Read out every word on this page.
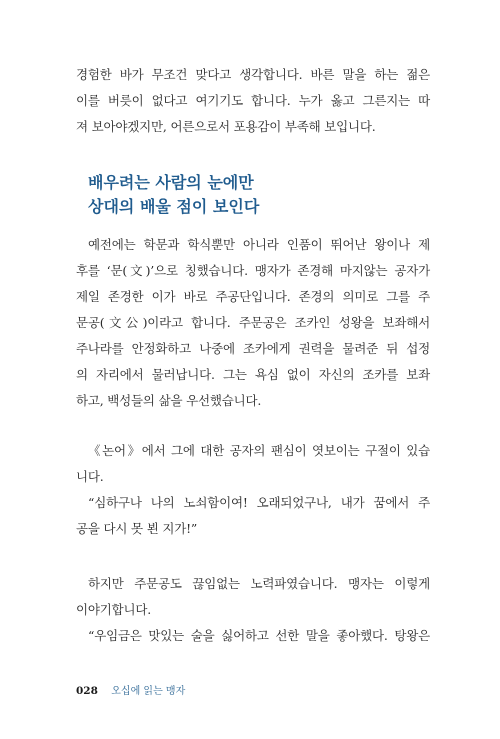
경험한 바가 무조건 맞다고 생각합니다. 바른 말을 하는 젊은
이를 버릇이 없다고 여기기도 합니다. 누가 옳고 그른지는 따
져 보아야겠지만, 어른으로서 포용감이 부족해 보입니다.
배우려는 사람의 눈에만
상대의 배울 점이 보인다
예전에는 학문과 학식뿐만 아니라 인품이 뛰어난 왕이나 제
후를 ‘문(文)’으로 칭했습니다. 맹자가 존경해 마지않는 공자가
제일 존경한 이가 바로 주공단입니다. 존경의 의미로 그를 주
문공(文公)이라고 합니다. 주문공은 조카인 성왕을 보좌해서
주나라를 안정화하고 나중에 조카에게 권력을 물려준 뒤 섭정
의 자리에서 물러납니다. 그는 욕심 없이 자신의 조카를 보좌
하고, 백성들의 삶을 우선했습니다.
《논어》에서 그에 대한 공자의 팬심이 엿보이는 구절이 있습
니다.
“심하구나 나의 노쇠함이여! 오래되었구나, 내가 꿈에서 주
공을 다시 못 뵌 지가!”
하지만 주문공도 끊임없는 노력파였습니다. 맹자는 이렇게
이야기합니다.
“우임금은 맛있는 술을 싫어하고 선한 말을 좋아했다. 탕왕은
028 오십에 읽는 맹자
